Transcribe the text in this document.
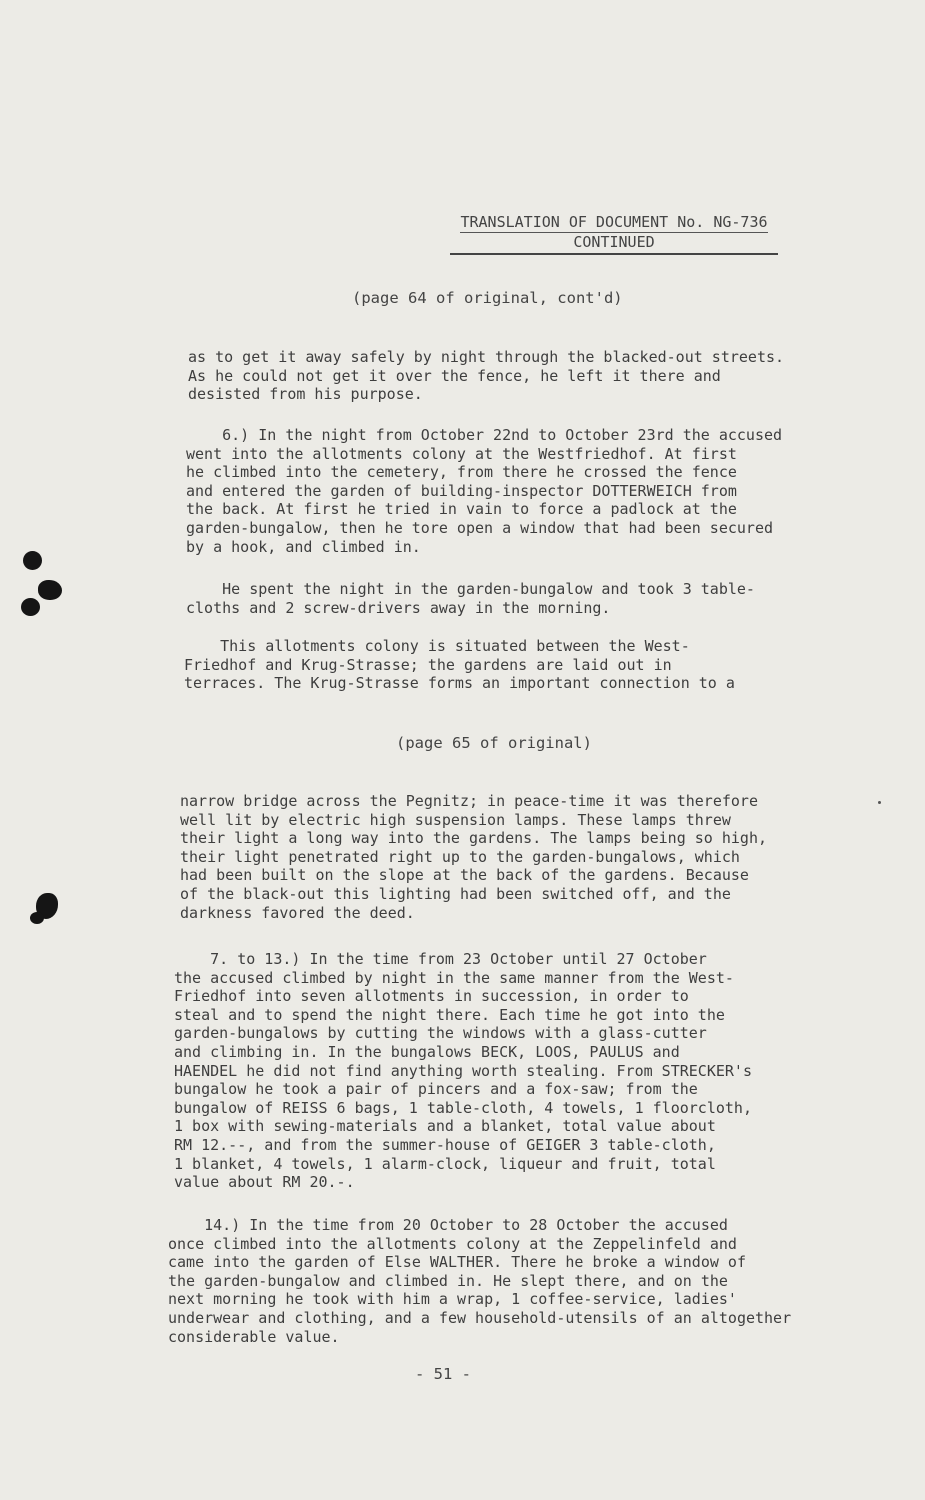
TRANSLATION OF DOCUMENT No. NG-736
CONTINUED
(page 64 of original, cont'd)
as to get it away safely by night through the blacked-out streets.
As he could not get it over the fence, he left it there and
desisted from his purpose.
6.) In the night from October 22nd to October 23rd the accused
went into the allotments colony at the Westfriedhof. At first
he climbed into the cemetery, from there he crossed the fence
and entered the garden of building-inspector DOTTERWEICH from
the back. At first he tried in vain to force a padlock at the
garden-bungalow, then he tore open a window that had been secured
by a hook, and climbed in.
He spent the night in the garden-bungalow and took 3 table-
cloths and 2 screw-drivers away in the morning.
This allotments colony is situated between the West-
Friedhof and Krug-Strasse; the gardens are laid out in
terraces. The Krug-Strasse forms an important connection to a
(page 65 of original)
narrow bridge across the Pegnitz; in peace-time it was therefore
well lit by electric high suspension lamps. These lamps threw
their light a long way into the gardens. The lamps being so high,
their light penetrated right up to the garden-bungalows, which
had been built on the slope at the back of the gardens. Because
of the black-out this lighting had been switched off, and the
darkness favored the deed.
7. to 13.) In the time from 23 October until 27 October
the accused climbed by night in the same manner from the West-
Friedhof into seven allotments in succession, in order to
steal and to spend the night there. Each time he got into the
garden-bungalows by cutting the windows with a glass-cutter
and climbing in. In the bungalows BECK, LOOS, PAULUS and
HAENDEL he did not find anything worth stealing. From STRECKER's
bungalow he took a pair of pincers and a fox-saw; from the
bungalow of REISS 6 bags, 1 table-cloth, 4 towels, 1 floorcloth,
1 box with sewing-materials and a blanket, total value about
RM 12.--, and from the summer-house of GEIGER 3 table-cloth,
1 blanket, 4 towels, 1 alarm-clock, liqueur and fruit, total
value about RM 20.-.
14.) In the time from 20 October to 28 October the accused
once climbed into the allotments colony at the Zeppelinfeld and
came into the garden of Else WALTHER. There he broke a window of
the garden-bungalow and climbed in. He slept there, and on the
next morning he took with him a wrap, 1 coffee-service, ladies'
underwear and clothing, and a few household-utensils of an altogether
considerable value.
- 51 -
